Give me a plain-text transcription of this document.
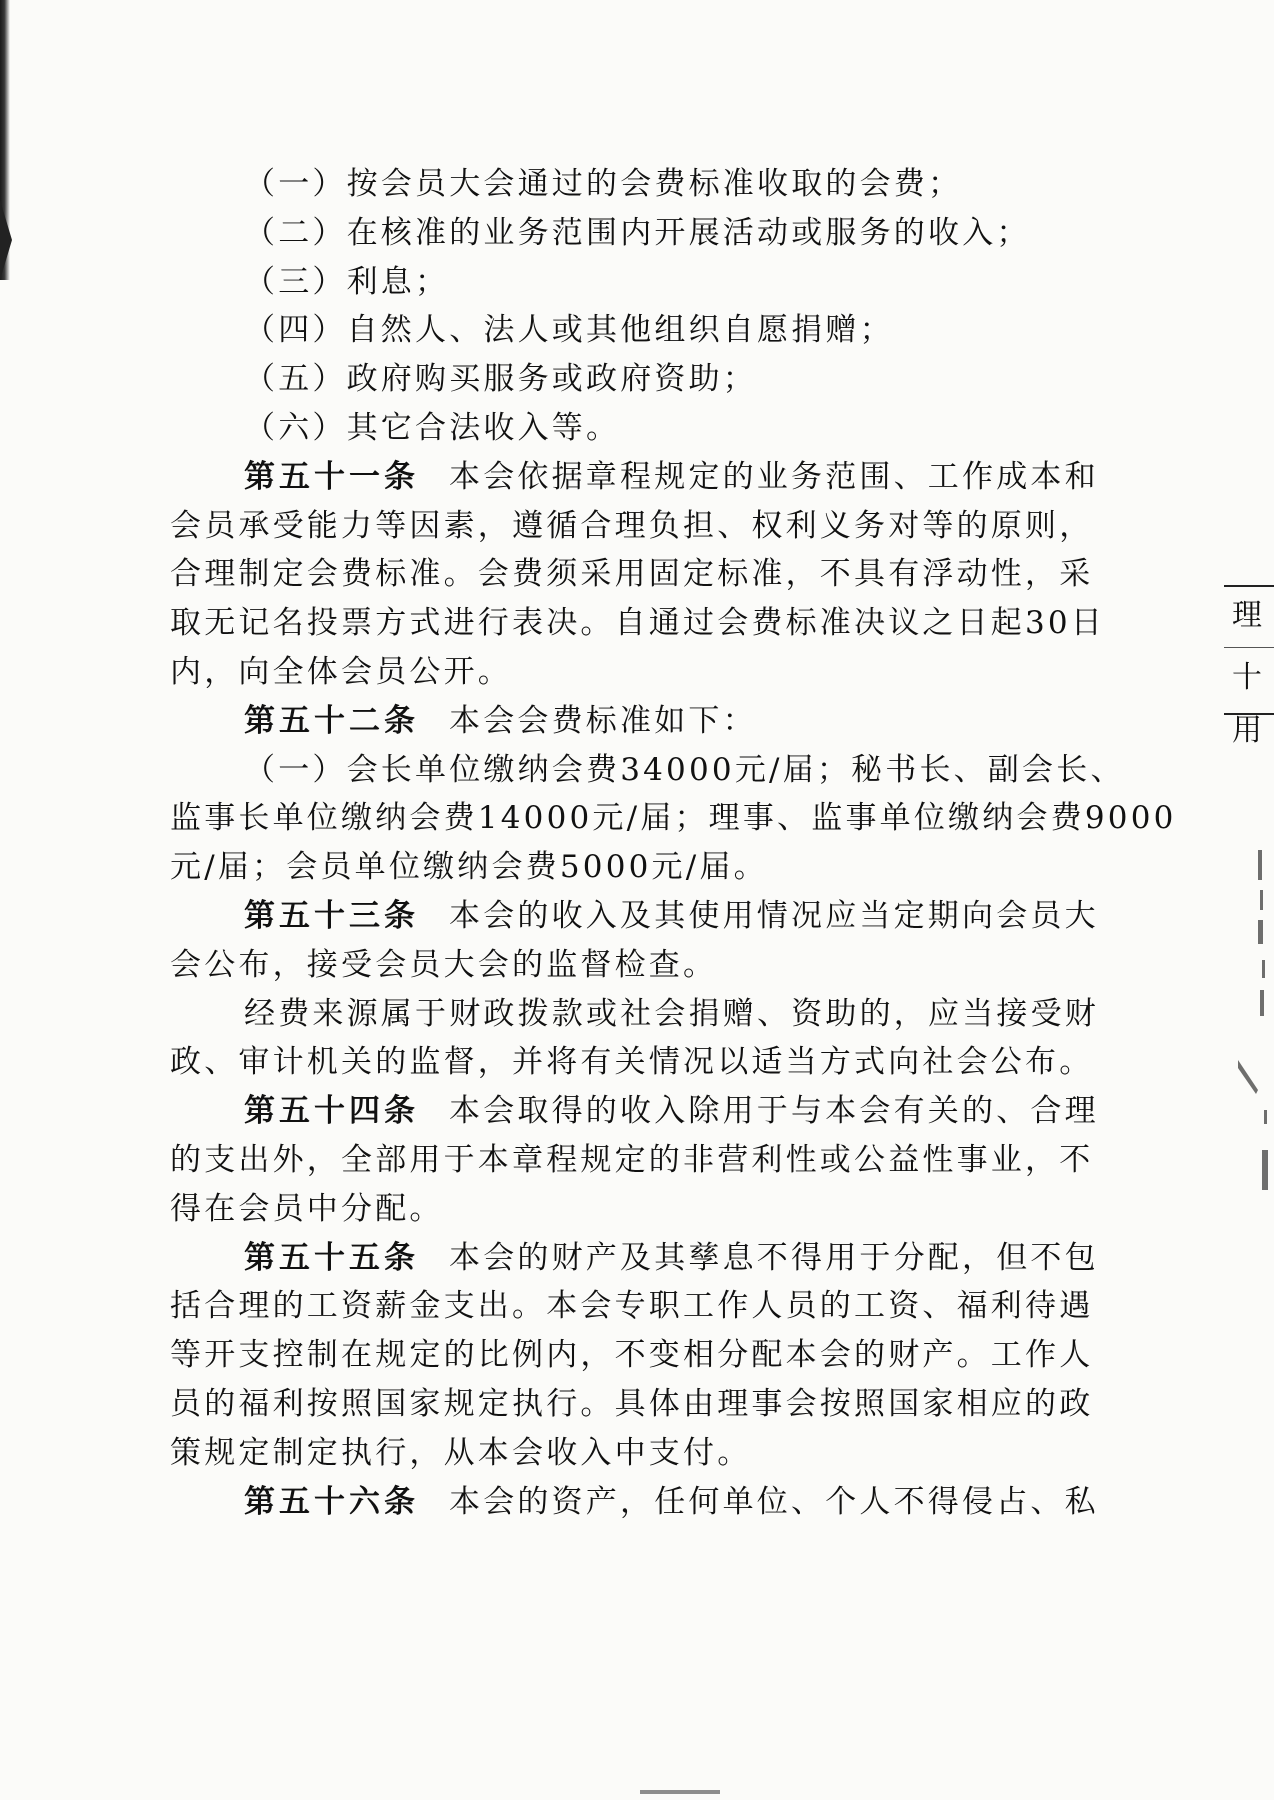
（一）按会员大会通过的会费标准收取的会费；
（二）在核准的业务范围内开展活动或服务的收入；
（三）利息；
（四）自然人、法人或其他组织自愿捐赠；
（五）政府购买服务或政府资助；
（六）其它合法收入等。
第五十一条 本会依据章程规定的业务范围、工作成本和
会员承受能力等因素，遵循合理负担、权利义务对等的原则，
合理制定会费标准。会费须采用固定标准，不具有浮动性，采
取无记名投票方式进行表决。自通过会费标准决议之日起30日
内，向全体会员公开。
第五十二条 本会会费标准如下：
（一）会长单位缴纳会费34000元/届；秘书长、副会长、
监事长单位缴纳会费14000元/届；理事、监事单位缴纳会费9000
元/届；会员单位缴纳会费5000元/届。
第五十三条 本会的收入及其使用情况应当定期向会员大
会公布，接受会员大会的监督检查。
经费来源属于财政拨款或社会捐赠、资助的，应当接受财
政、审计机关的监督，并将有关情况以适当方式向社会公布。
第五十四条 本会取得的收入除用于与本会有关的、合理
的支出外，全部用于本章程规定的非营利性或公益性事业，不
得在会员中分配。
第五十五条 本会的财产及其孳息不得用于分配，但不包
括合理的工资薪金支出。本会专职工作人员的工资、福利待遇
等开支控制在规定的比例内，不变相分配本会的财产。工作人
员的福利按照国家规定执行。具体由理事会按照国家相应的政
策规定制定执行，从本会收入中支付。
第五十六条 本会的资产，任何单位、个人不得侵占、私
理
十
用
